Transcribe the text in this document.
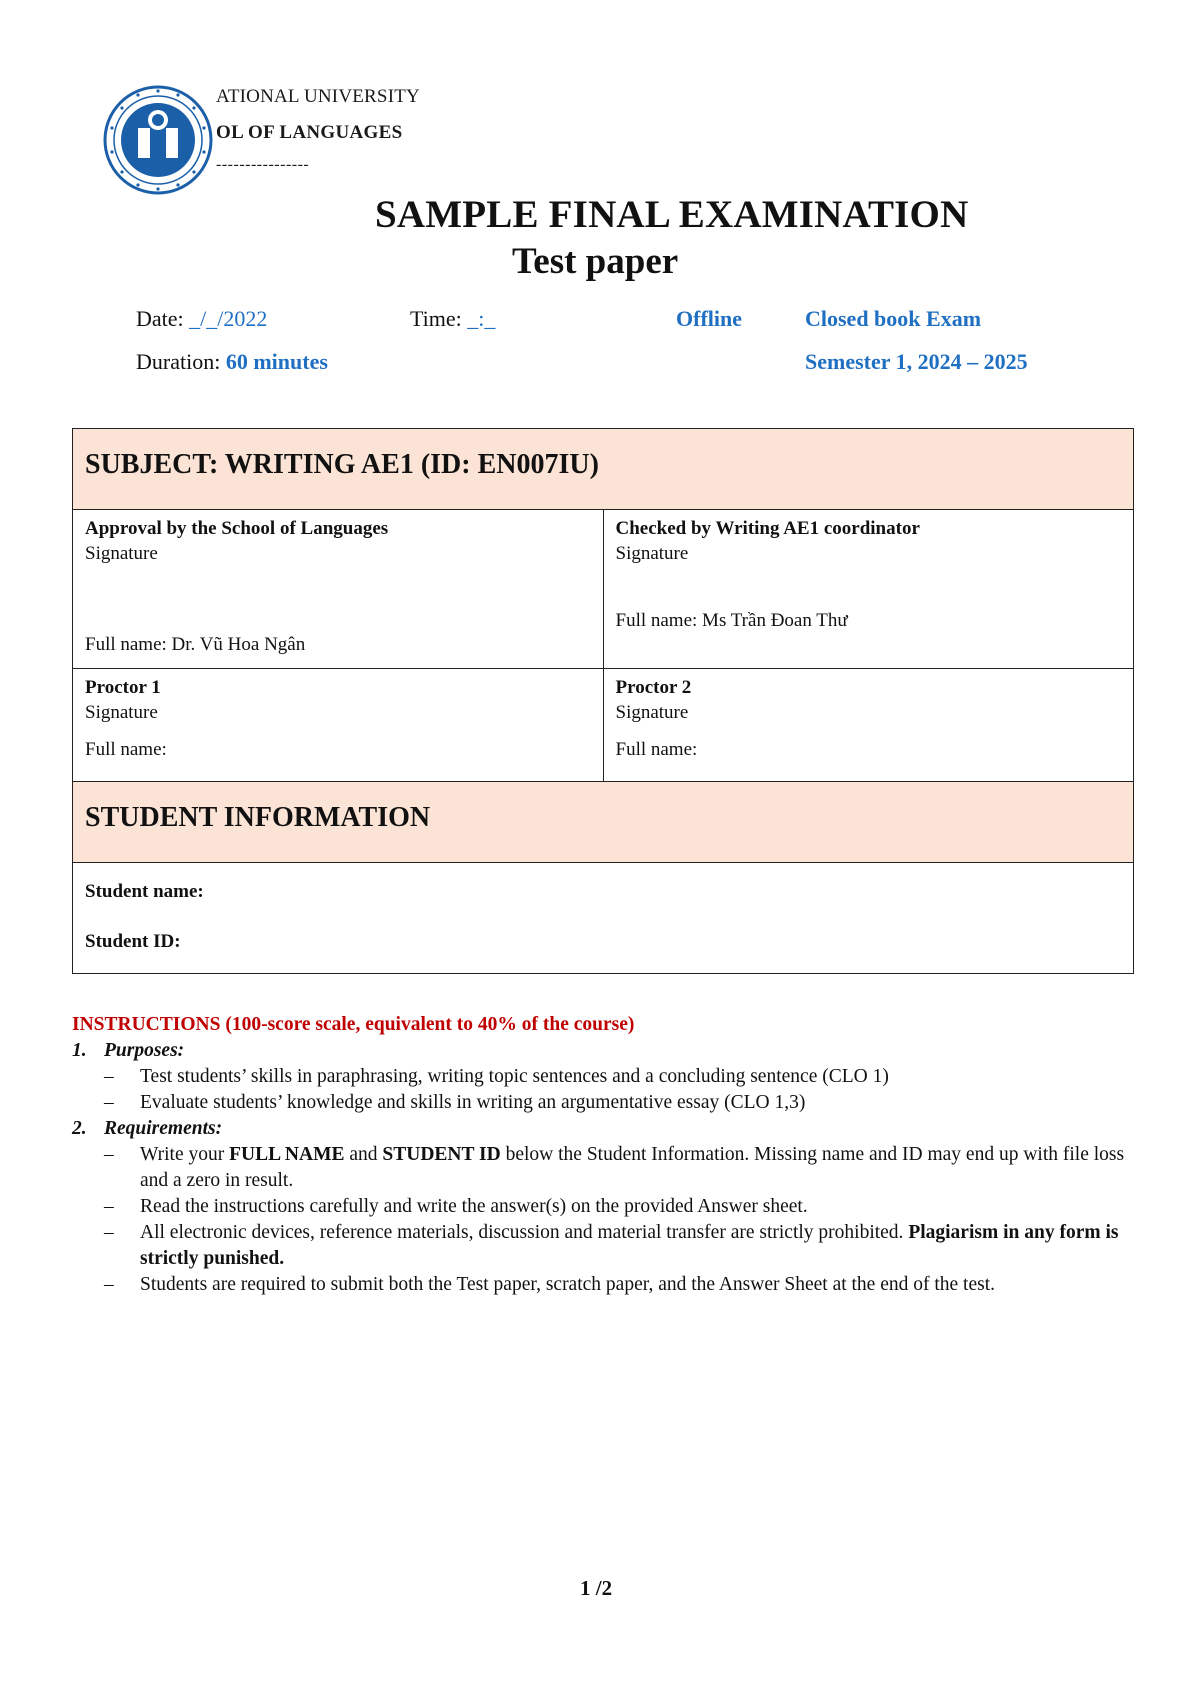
ATIONAL UNIVERSITY
OL OF LANGUAGES
----------------
SAMPLE FINAL EXAMINATION
Test paper
Date: _/_/2022	Time: _:_	Offline	Closed book Exam
Duration: 60 minutes	Semester 1, 2024 – 2025
SUBJECT: WRITING AE1 (ID: EN007IU)
Approval by the School of Languages
Signature
Full name: Dr. Vũ Hoa Ngân
Checked by Writing AE1 coordinator
Signature
Full name: Ms Trần Đoan Thư
Proctor 1
Signature
Full name:
Proctor 2
Signature
Full name:
STUDENT INFORMATION
Student name:
Student ID:
INSTRUCTIONS (100-score scale, equivalent to 40% of the course)
1. Purposes:
–	Test students’ skills in paraphrasing, writing topic sentences and a concluding sentence (CLO 1)
–	Evaluate students’ knowledge and skills in writing an argumentative essay (CLO 1,3)
2. Requirements:
–	Write your FULL NAME and STUDENT ID below the Student Information. Missing name and ID may end up with file loss and a zero in result.
–	Read the instructions carefully and write the answer(s) on the provided Answer sheet.
–	All electronic devices, reference materials, discussion and material transfer are strictly prohibited. Plagiarism in any form is strictly punished.
–	Students are required to submit both the Test paper, scratch paper, and the Answer Sheet at the end of the test.
1 /2
